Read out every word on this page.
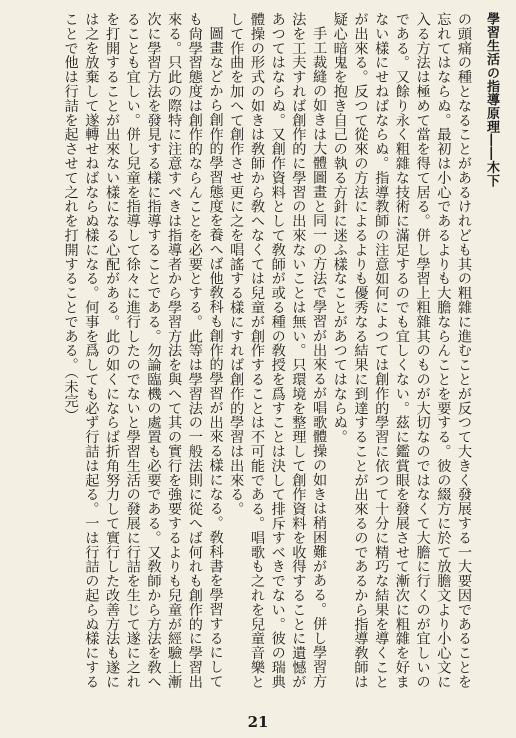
學習生活の指導原理――木下

の頭痛の種となることがあるけれども其の粗雜に進むことが反つて大きく發展する一大要因であることを忘れてはならぬ。最初は小心であるよりも大膽ならんことを要する。彼の綴方に於て放膽文より小心文に入る方法は極めて當を得て居る。併し學習上粗雜其のものが大切なのではなくて大膽に行くのが宜しいのである。又餘り永く粗雜な技術に滿足するのでも宜しくない。茲に鑑賞眼を發展させて漸次に粗雜を好まない樣にせねばならぬ。指導教師の注意如何によつては創作的學習に依つて十分に精巧な結果を導くことが出來る。反つて從來の方法によるよりも優秀なる結果に到達することが出來るのであるから指導敎師は疑心暗鬼を抱き自己の執る方針に迷ふ樣なことがあつてはならぬ。

手工裁縫の如きは大體圖畫と同一の方法で學習が出來るが唱歌體操の如きは稍困難がある。併し學習方法を工夫すれば創作的に學習の出來ないことは無い。只環境を整理して創作資料を收得することに遺憾があつてはならぬ。又創作資料として敎師が或る種の敎授を爲すことは決して排斥すべきでない。彼の瑞典體操の形式の如きは敎師から敎へなくては兒童が創作することは不可能である。唱歌も之れを兒童音樂として作曲を加へて創作させ更に之を唱謠する樣にすれば創作的學習は出來る。

圖畫などから創作的學習態度を養へば他敎科も創作的學習が出來る樣になる。敎科書を學習するにしても尙學習態度は創作的ならんことを必要とする。此等は學習法の一般法則に從へば何れも創作的に學習出來る。只此の際特に注意すべきは指導者から學習方法を與へて其の實行を強要するよりも兒童が經驗上漸次に學習方法を發見する樣に指導することである。勿論臨機の處置も必要である。又敎師から方法を敎へることも宜しい。併し兒童を指導して徐々に進行したのでないと學習生活の發展に行詰を生じて遂に之れを打開することが出來ない樣になる心配がある。此の如くにならば折角努力して實行した改善方法も遂には之を放棄して遂轉せねばならぬ樣になる。何事を爲しても必ず行詰は起る。一は行詰の起らぬ樣にすることで他は行詰を起させて之れを打開することである。（未完）

21
